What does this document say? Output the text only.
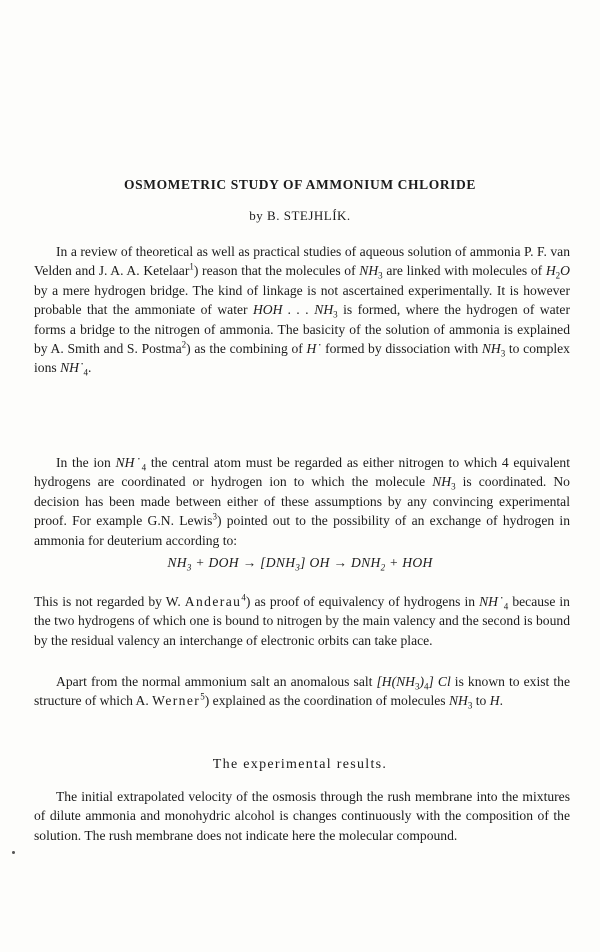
OSMOMETRIC STUDY OF AMMONIUM CHLORIDE
by B. STEJHLÍK.
In a review of theoretical as well as practical studies of aqueous solution of ammonia P. F. van Velden and J. A. A. Ketelaar$^1$) reason that the molecules of $NH_3$ are linked with molecules of $H_2O$ by a mere hydrogen bridge. The kind of linkage is not ascertained experimentally. It is however probable that the ammoniate of water HOH . . . $NH_3$ is formed, where the hydrogen of water forms a bridge to the nitrogen of ammonia. The basicity of the solution of ammonia is explained by A. Smith and S. Postma$^2$) as the combining of H˙ formed by dissociation with $NH_3$ to complex ions $NH˙_4$.
In the ion $NH˙_4$ the central atom must be regarded as either nitrogen to which 4 equivalent hydrogens are coordinated or hydrogen ion to which the molecule $NH_3$ is coordinated. No decision has been made between either of these assumptions by any convincing experimental proof. For example G.N. Lewis$^3$) pointed out to the possibility of an exchange of hydrogen in ammonia for deuterium according to:
$NH_3$ + DOH → $[DNH_3]$ OH → $DNH_2$ + HOH
This is not regarded by W. Anderau$^4$) as proof of equivalency of hydrogens in $NH˙_4$ because in the two hydrogens of which one is bound to nitrogen by the main valency and the second is bound by the residual valency an interchange of electronic orbits can take place.
Apart from the normal ammonium salt an anomalous salt $[H(NH_3)_4]$ Cl is known to exist the structure of which A. Werner$^5$) explained as the coordination of molecules $NH_3$ to H.
The experimental results.
The initial extrapolated velocity of the osmosis through the rush membrane into the mixtures of dilute ammonia and monohydric alcohol is changes continuously with the composition of the solution. The rush membrane does not indicate here the molecular compound.
